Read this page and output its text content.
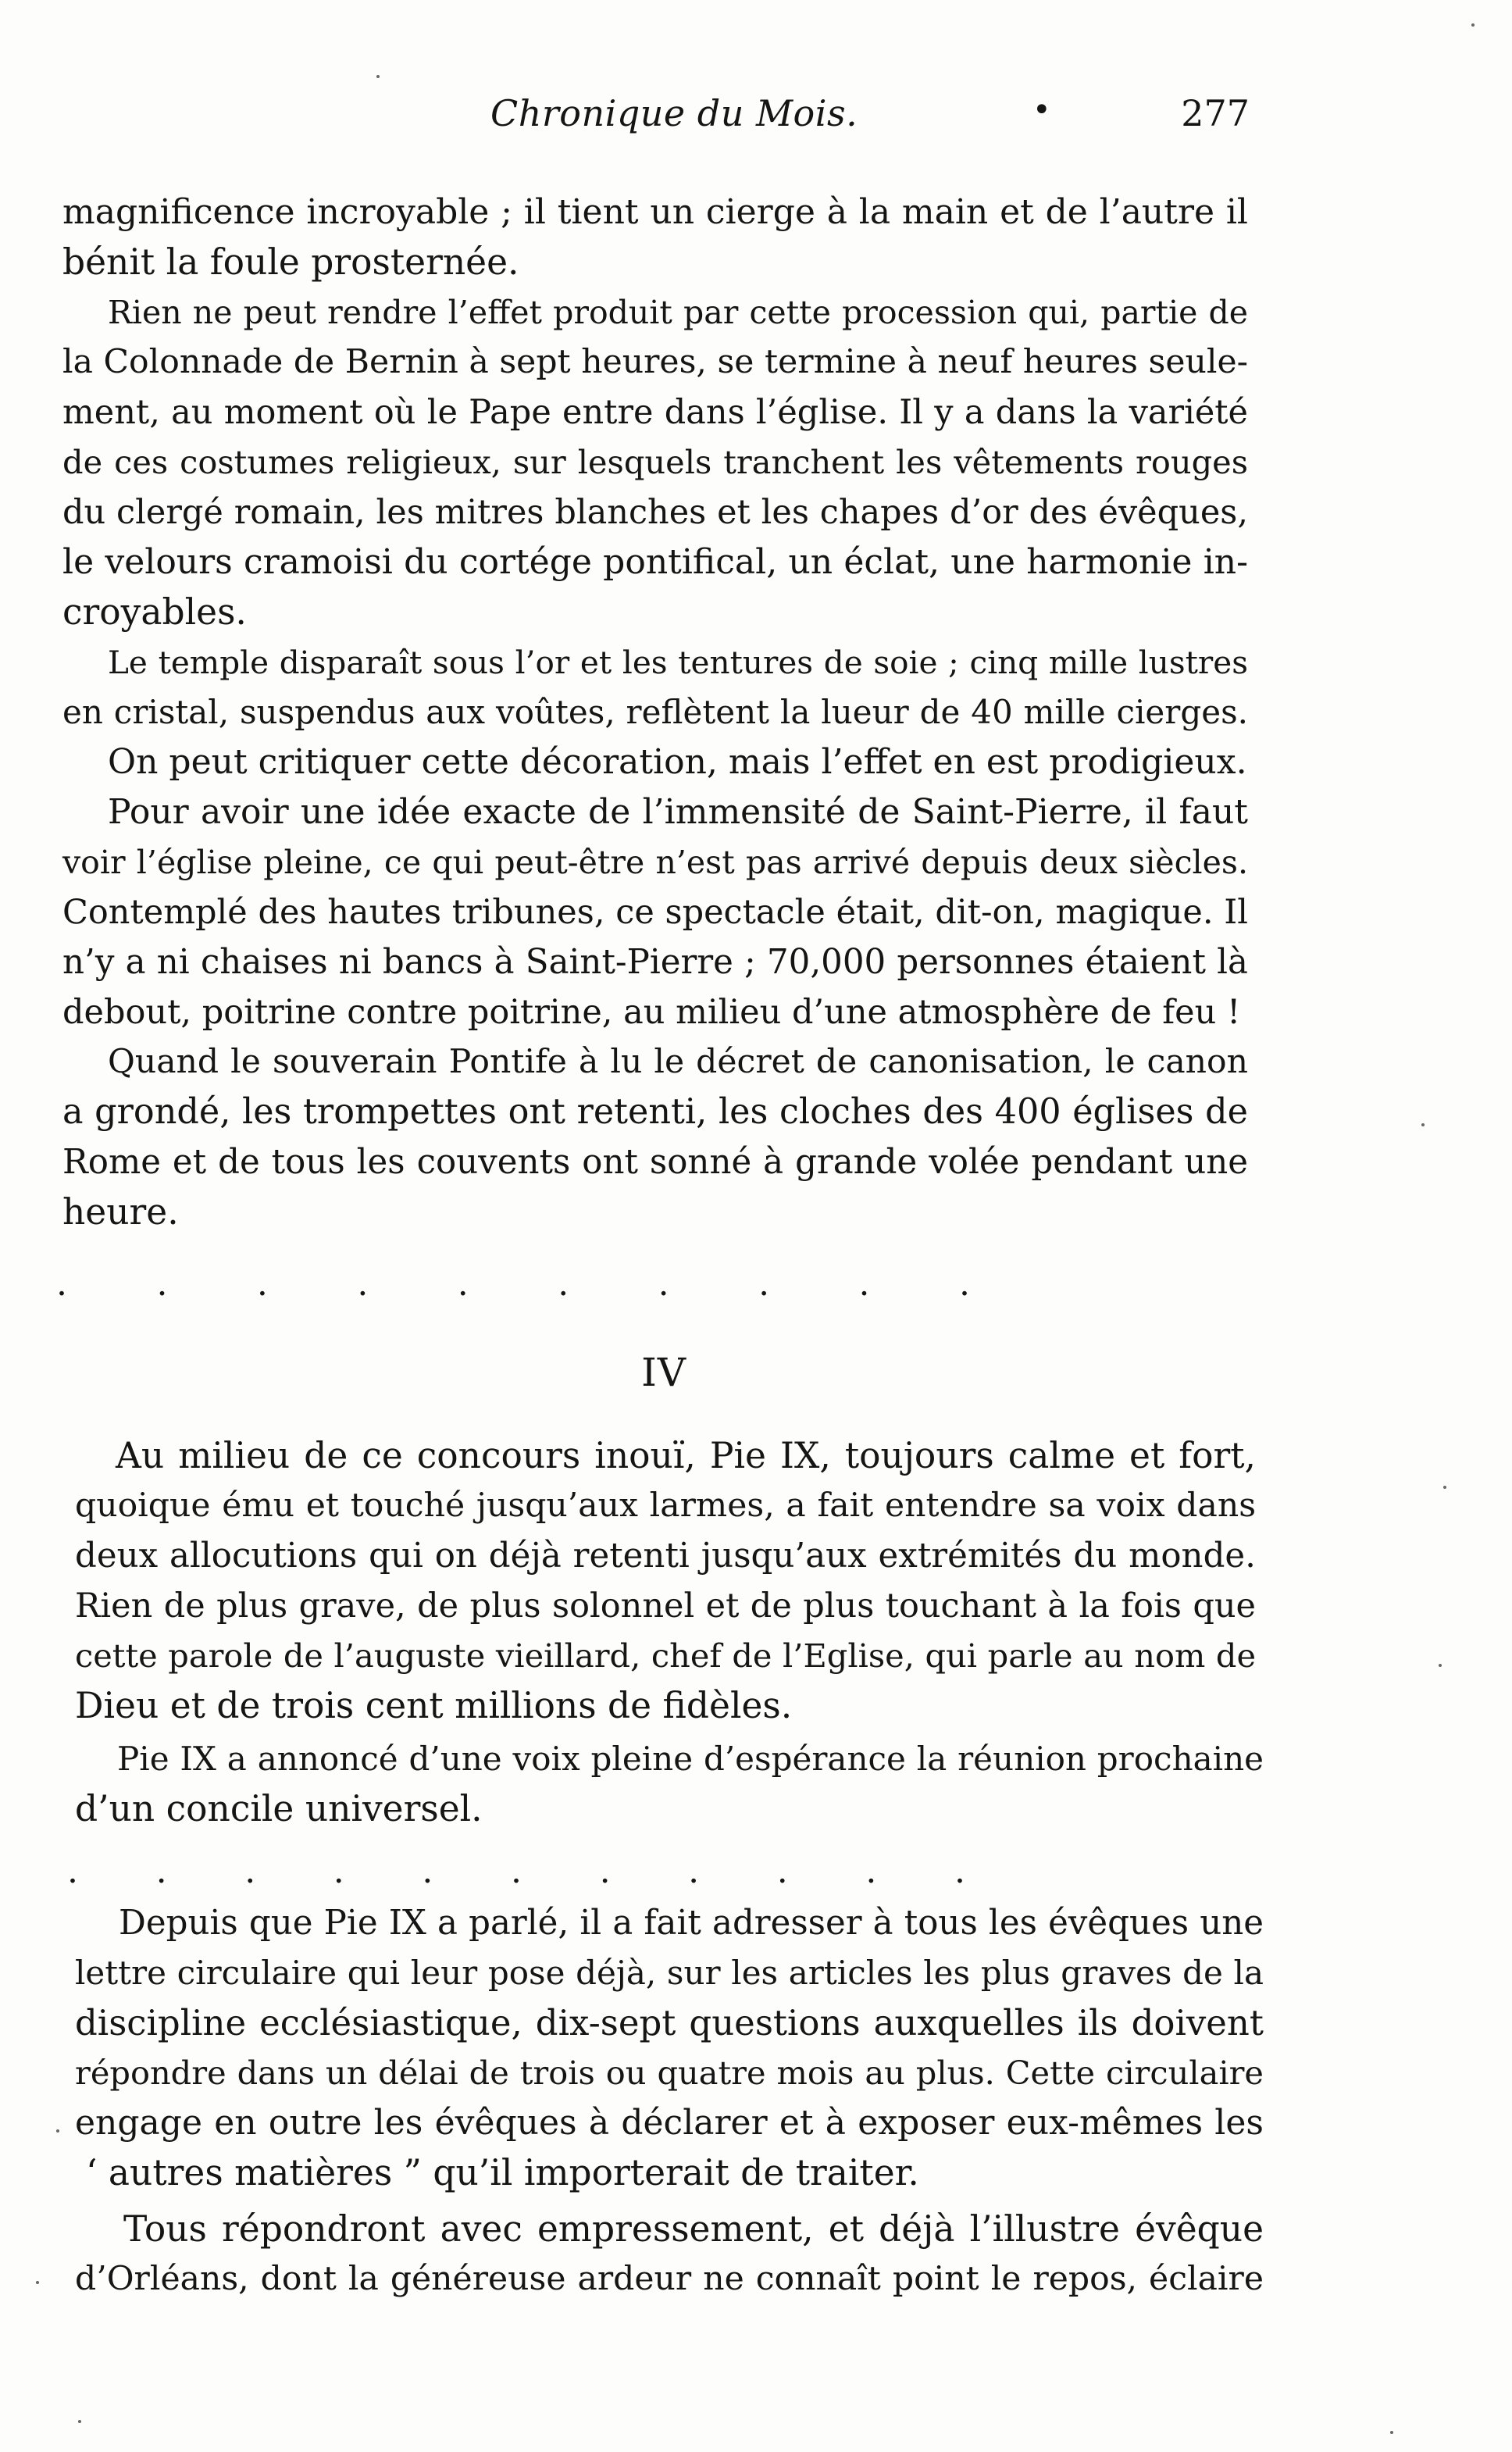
Chronique du Mois.	•	277

magnificence incroyable ; il tient un cierge à la main et de l’autre il

bénit la foule prosternée.

Rien ne peut rendre l’effet produit par cette procession qui, partie de

la Colonnade de Bernin à sept heures, se termine à neuf heures seule-

ment, au moment où le Pape entre dans l’église. Il y a dans la variété

de ces costumes religieux, sur lesquels tranchent les vêtements rouges

du clergé romain, les mitres blanches et les chapes d’or des évêques,

le velours cramoisi du cortége pontifical, un éclat, une harmonie in-

croyables.

Le temple disparaît sous l’or et les tentures de soie ; cinq mille lustres

en cristal, suspendus aux voûtes, reflètent la lueur de 40 mille cierges.

On peut critiquer cette décoration, mais l’effet en est prodigieux.

Pour avoir une idée exacte de l’immensité de Saint-Pierre, il faut

voir l’église pleine, ce qui peut-être n’est pas arrivé depuis deux siècles.

Contemplé des hautes tribunes, ce spectacle était, dit-on, magique. Il

n’y a ni chaises ni bancs à Saint-Pierre ; 70,000 personnes étaient là

debout, poitrine contre poitrine, au milieu d’une atmosphère de feu !

Quand le souverain Pontife à lu le décret de canonisation, le canon

a grondé, les trompettes ont retenti, les cloches des 400 églises de

Rome et de tous les couvents ont sonné à grande volée pendant une

heure.

.	.	.	.	.	.	.	.	.	.
IV

Au milieu de ce concours inouï, Pie IX, toujours calme et fort,

quoique ému et touché jusqu’aux larmes, a fait entendre sa voix dans

deux allocutions qui on déjà retenti jusqu’aux extrémités du monde.

Rien de plus grave, de plus solonnel et de plus touchant à la fois que

cette parole de l’auguste vieillard, chef de l’Eglise, qui parle au nom de

Dieu et de trois cent millions de fidèles.

Pie IX a annoncé d’une voix pleine d’espérance la réunion prochaine

d’un concile universel.

. . . . . . . . . . .

Depuis que Pie IX a parlé, il a fait adresser à tous les évêques une

lettre circulaire qui leur pose déjà, sur les articles les plus graves de la

discipline ecclésiastique, dix-sept questions auxquelles ils doivent

répondre dans un délai de trois ou quatre mois au plus. Cette circulaire

engage en outre les évêques à déclarer et à exposer eux-mêmes les

‘ autres matières ” qu’il importerait de traiter.

Tous répondront avec empressement, et déjà l’illustre évêque

d’Orléans, dont la généreuse ardeur ne connaît point le repos, éclaire
